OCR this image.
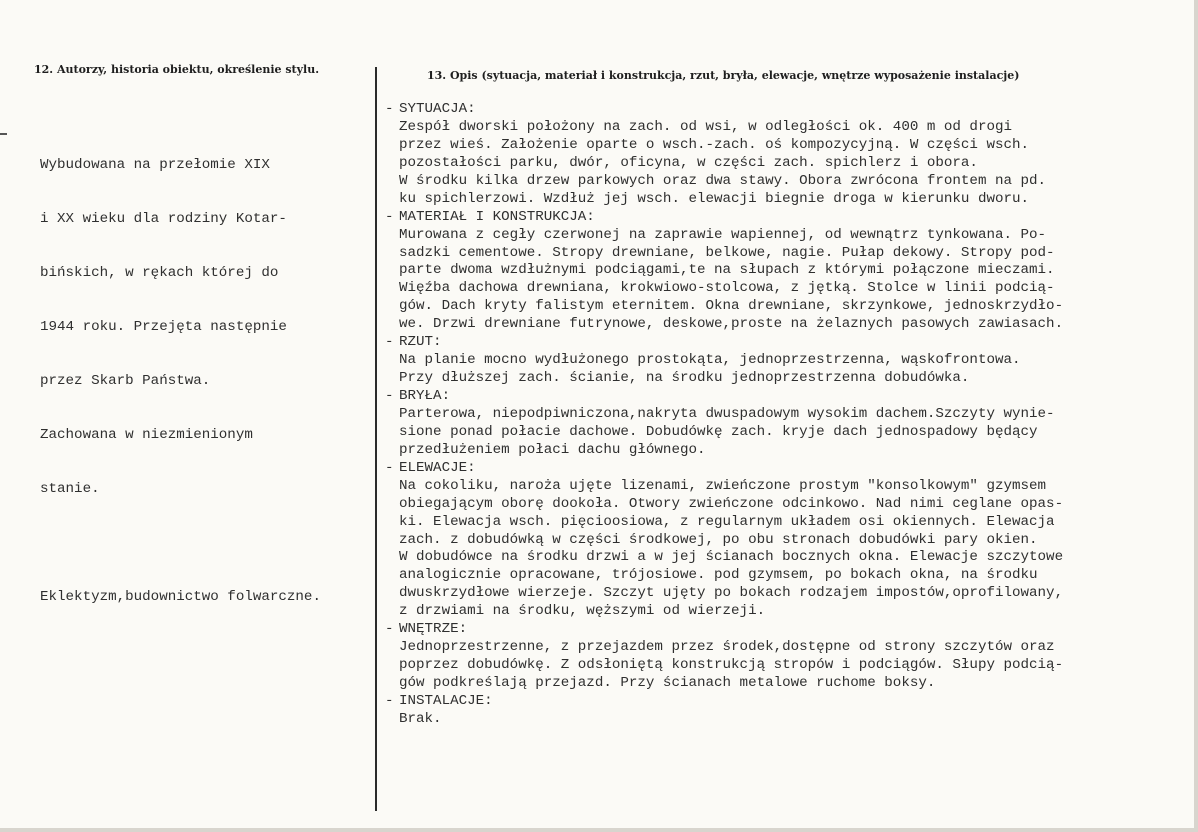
12. Autorzy, historia obiektu, określenie stylu.	13. Opis (sytuacja, materiał i konstrukcja, rzut, bryła, elewacje, wnętrze wyposażenie instalacje)

Wybudowana na przełomie XIX

i XX wieku dla rodziny Kotar-

bińskich, w rękach której do

1944 roku. Przejęta następnie

przez Skarb Państwa.

Zachowana w niezmienionym

stanie.

Eklektyzm,budownictwo folwarczne.

- SYTUACJA:
Zespół dworski położony na zach. od wsi, w odległości ok. 400 m od drogi
przez wieś. Założenie oparte o wsch.-zach. oś kompozycyjną. W części wsch.
pozostałości parku, dwór, oficyna, w części zach. spichlerz i obora.
W środku kilka drzew parkowych oraz dwa stawy. Obora zwrócona frontem na pd.
ku spichlerzowi. Wzdłuż jej wsch. elewacji biegnie droga w kierunku dworu.
- MATERIAŁ I KONSTRUKCJA:
Murowana z cegły czerwonej na zaprawie wapiennej, od wewnątrz tynkowana. Po-
sadzki cementowe. Stropy drewniane, belkowe, nagie. Pułap dekowy. Stropy pod-
parte dwoma wzdłużnymi podciągami,te na słupach z którymi połączone mieczami.
Więźba dachowa drewniana, krokwiowo-stolcowa, z jętką. Stolce w linii podcią-
gów. Dach kryty falistym eternitem. Okna drewniane, skrzynkowe, jednoskrzydło-
we. Drzwi drewniane futrynowe, deskowe,proste na żelaznych pasowych zawiasach.
- RZUT:
Na planie mocno wydłużonego prostokąta, jednoprzestrzenna, wąskofrontowa.
Przy dłuższej zach. ścianie, na środku jednoprzestrzenna dobudówka.
- BRYŁA:
Parterowa, niepodpiwniczona,nakryta dwuspadowym wysokim dachem.Szczyty wynie-
sione ponad połacie dachowe. Dobudówkę zach. kryje dach jednospadowy będący
przedłużeniem połaci dachu głównego.
- ELEWACJE:
Na cokoliku, naroża ujęte lizenami, zwieńczone prostym "konsolkowym" gzymsem
obiegającym oborę dookoła. Otwory zwieńczone odcinkowo. Nad nimi ceglane opas-
ki. Elewacja wsch. pięcioosiowa, z regularnym układem osi okiennych. Elewacja
zach. z dobudówką w części środkowej, po obu stronach dobudówki pary okien.
W dobudówce na środku drzwi a w jej ścianach bocznych okna. Elewacje szczytowe
analogicznie opracowane, trójosiowe. pod gzymsem, po bokach okna, na środku
dwuskrzydłowe wierzeje. Szczyt ujęty po bokach rodzajem impostów,oprofilowany,
z drzwiami na środku, węższymi od wierzeji.
- WNĘTRZE:
Jednoprzestrzenne, z przejazdem przez środek,dostępne od strony szczytów oraz
poprzez dobudówkę. Z odsłoniętą konstrukcją stropów i podciągów. Słupy podcią-
gów podkreślają przejazd. Przy ścianach metalowe ruchome boksy.
- INSTALACJE:
Brak.
